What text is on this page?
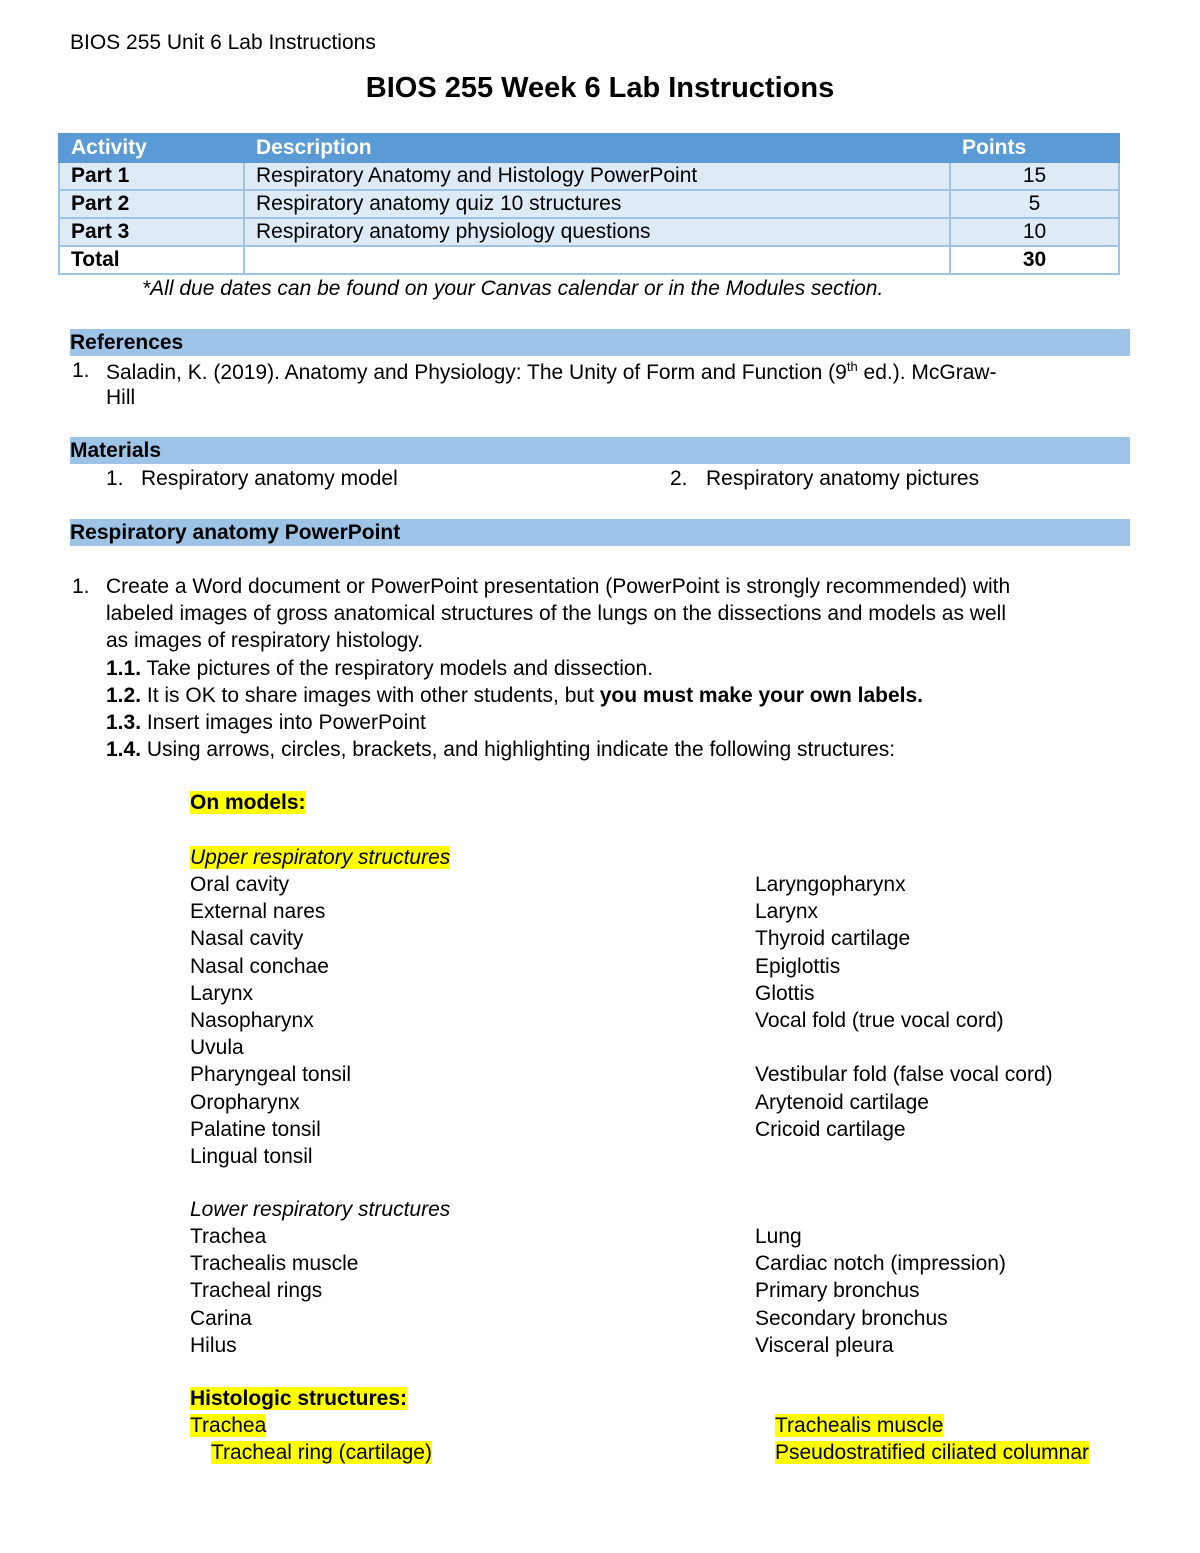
BIOS 255 Unit 6 Lab Instructions
BIOS 255 Week 6 Lab Instructions
Activity	Description	Points
Part 1	Respiratory Anatomy and Histology PowerPoint	15
Part 2	Respiratory anatomy quiz 10 structures	5
Part 3	Respiratory anatomy physiology questions	10
Total		30
*All due dates can be found on your Canvas calendar or in the Modules section.
References
1. Saladin, K. (2019). Anatomy and Physiology: The Unity of Form and Function (9th ed.). McGraw-
Hill
Materials
1. Respiratory anatomy model	2. Respiratory anatomy pictures
Respiratory anatomy PowerPoint
1. Create a Word document or PowerPoint presentation (PowerPoint is strongly recommended) with
labeled images of gross anatomical structures of the lungs on the dissections and models as well
as images of respiratory histology.
1.1. Take pictures of the respiratory models and dissection.
1.2. It is OK to share images with other students, but you must make your own labels.
1.3. Insert images into PowerPoint
1.4. Using arrows, circles, brackets, and highlighting indicate the following structures:
On models:
Upper respiratory structures
Oral cavity
External nares
Nasal cavity
Nasal conchae
Larynx
Nasopharynx
Uvula
Pharyngeal tonsil
Oropharynx
Palatine tonsil
Lingual tonsil
Laryngopharynx
Larynx
Thyroid cartilage
Epiglottis
Glottis
Vocal fold (true vocal cord)
Vestibular fold (false vocal cord)
Arytenoid cartilage
Cricoid cartilage
Lower respiratory structures
Trachea
Trachealis muscle
Tracheal rings
Carina
Hilus
Lung
Cardiac notch (impression)
Primary bronchus
Secondary bronchus
Visceral pleura
Histologic structures:
Trachea
Tracheal ring (cartilage)
Trachealis muscle
Pseudostratified ciliated columnar
